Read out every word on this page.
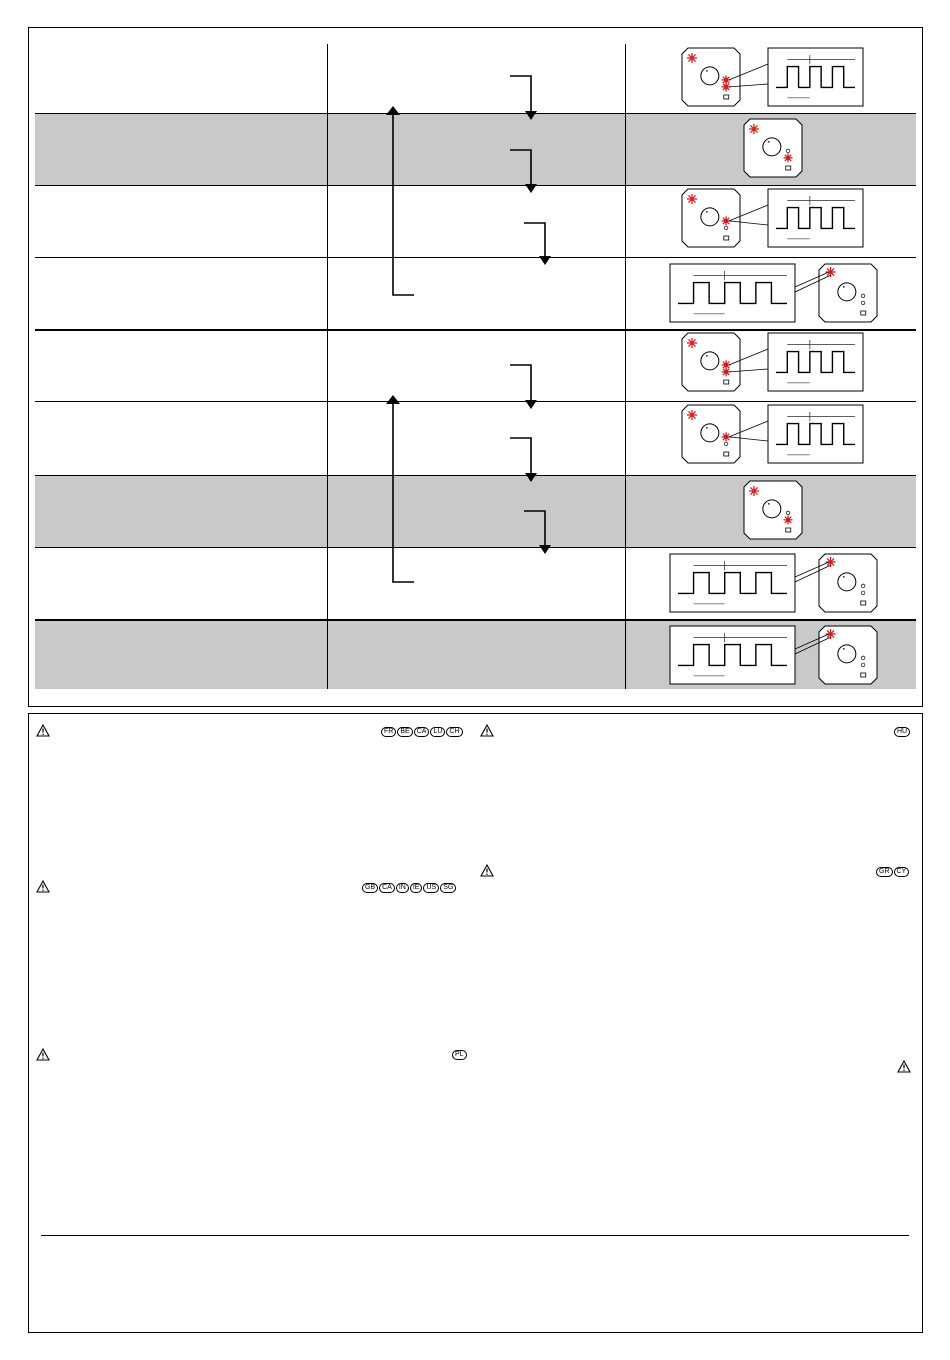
FR	BE	CA	LU	CH
GB	CA	IN	IE	US	SG
PL
HU
GR	CY
